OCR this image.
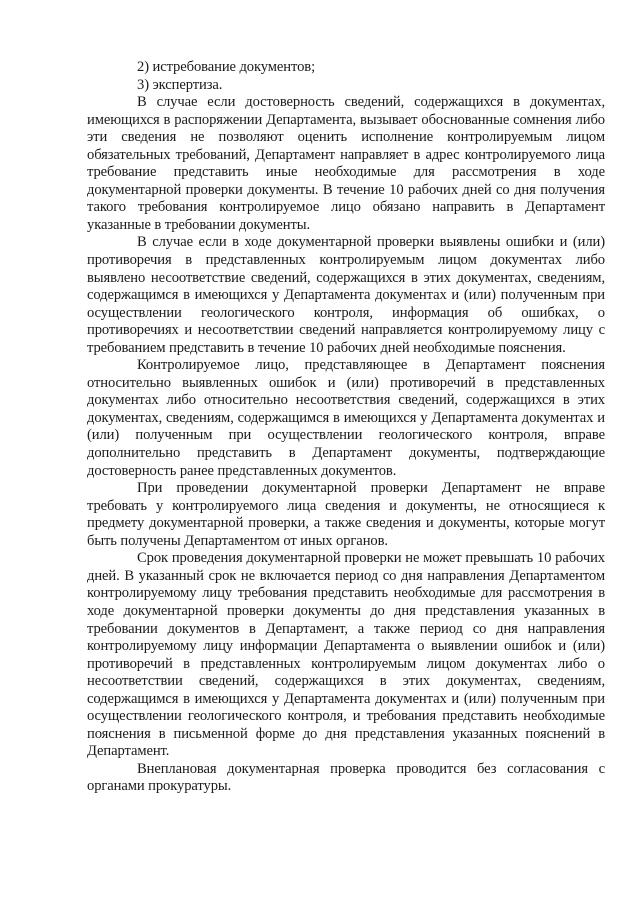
2) истребование документов;

3) экспертиза.

В случае если достоверность сведений, содержащихся в документах, имеющихся в распоряжении Департамента, вызывает обоснованные сомнения либо эти сведения не позволяют оценить исполнение контролируемым лицом обязательных требований, Департамент направляет в адрес контролируемого лица требование представить иные необходимые для рассмотрения в ходе документарной проверки документы. В течение 10 рабочих дней со дня получения такого требования контролируемое лицо обязано направить в Департамент указанные в требовании документы.

В случае если в ходе документарной проверки выявлены ошибки и (или) противоречия в представленных контролируемым лицом документах либо выявлено несоответствие сведений, содержащихся в этих документах, сведениям, содержащимся в имеющихся у Департамента документах и (или) полученным при осуществлении геологического контроля, информация об ошибках, о противоречиях и несоответствии сведений направляется контролируемому лицу с требованием представить в течение 10 рабочих дней необходимые пояснения.

Контролируемое лицо, представляющее в Департамент пояснения относительно выявленных ошибок и (или) противоречий в представленных документах либо относительно несоответствия сведений, содержащихся в этих документах, сведениям, содержащимся в имеющихся у Департамента документах и (или) полученным при осуществлении геологического контроля, вправе дополнительно представить в Департамент документы, подтверждающие достоверность ранее представленных документов.

При проведении документарной проверки Департамент не вправе требовать у контролируемого лица сведения и документы, не относящиеся к предмету документарной проверки, а также сведения и документы, которые могут быть получены Департаментом от иных органов.

Срок проведения документарной проверки не может превышать 10 рабочих дней. В указанный срок не включается период со дня направления Департаментом контролируемому лицу требования представить необходимые для рассмотрения в ходе документарной проверки документы до дня представления указанных в требовании документов в Департамент, а также период со дня направления контролируемому лицу информации Департамента о выявлении ошибок и (или) противоречий в представленных контролируемым лицом документах либо о несоответствии сведений, содержащихся в этих документах, сведениям, содержащимся в имеющихся у Департамента документах и (или) полученным при осуществлении геологического контроля, и требования представить необходимые пояснения в письменной форме до дня представления указанных пояснений в Департамент.

Внеплановая документарная проверка проводится без согласования с органами прокуратуры.
